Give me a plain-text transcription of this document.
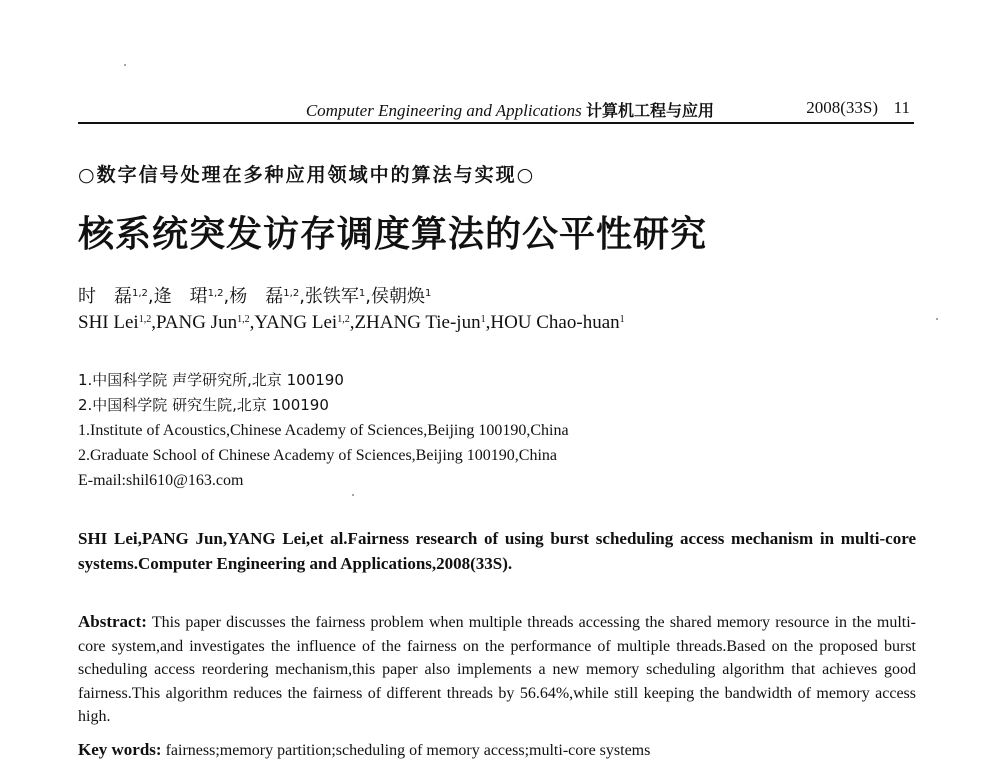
Computer Engineering and Applications 计算机工程与应用	2008(33S) 11
○数字信号处理在多种应用领域中的算法与实现○
核系统突发访存调度算法的公平性研究
时　磊$^{1,2}$,逄　珺$^{1,2}$,杨　磊$^{1,2}$,张铁军$^1$,侯朝焕$^1$
SHI Lei$^{1,2}$,PANG Jun$^{1,2}$,YANG Lei$^{1,2}$,ZHANG Tie-jun$^1$,HOU Chao-huan$^1$
1.中国科学院 声学研究所,北京 100190
2.中国科学院 研究生院,北京 100190
1.Institute of Acoustics,Chinese Academy of Sciences,Beijing 100190,China
2.Graduate School of Chinese Academy of Sciences,Beijing 100190,China
E-mail:shil610@163.com
SHI Lei,PANG Jun,YANG Lei,et al.Fairness research of using burst scheduling access mechanism in multi-core systems.Computer Engineering and Applications,2008(33S).
Abstract: This paper discusses the fairness problem when multiple threads accessing the shared memory resource in the multi-core system,and investigates the influence of the fairness on the performance of multiple threads.Based on the proposed burst scheduling access reordering mechanism,this paper also implements a new memory scheduling algorithm that achieves good fairness.This algorithm reduces the fairness of different threads by 56.64%,while still keeping the bandwidth of memory access high.
Key words: fairness;memory partition;scheduling of memory access;multi-core systems
